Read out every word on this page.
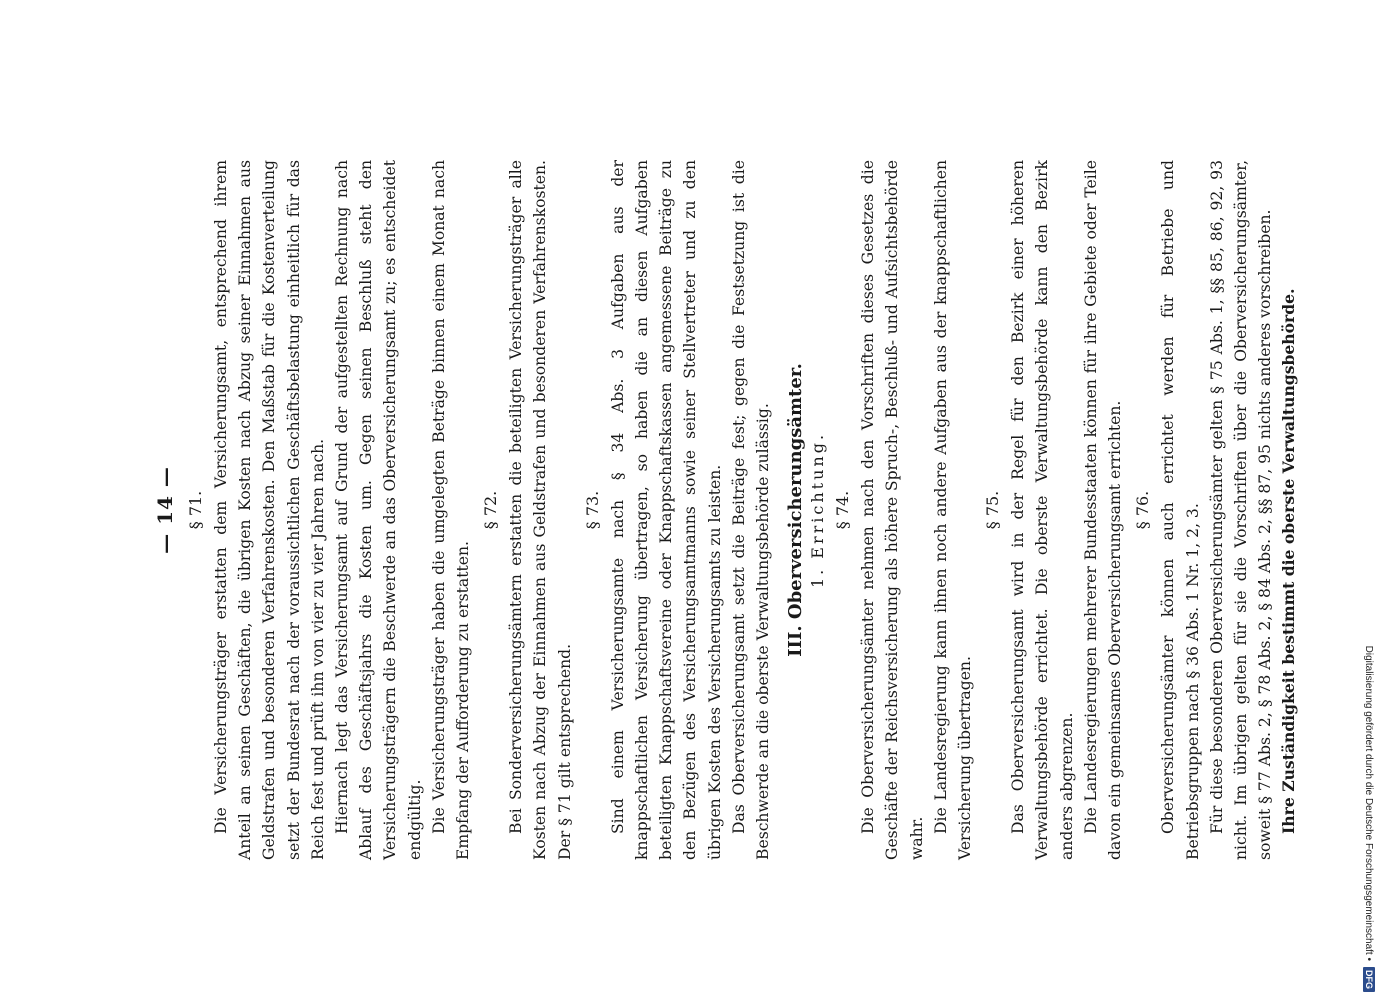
— 14 — § 71. Die Versicherungsträger erstatten dem Versicherungsamt, entsprechend ihrem Anteil an seinen Geschäften, die übrigen Kosten nach Abzug seiner Einnahmen aus Geldstrafen und besonderen Verfahrenskosten. Den Maßstab für die Kostenverteilung setzt der Bundesrat nach der voraussichtlichen Geschäftsbelastung einheitlich für das Reich fest und prüft ihn von vier zu vier Jahren nach. Hiernach legt das Versicherungsamt auf Grund der aufgestellten Rechnung nach Ablauf des Geschäftsjahrs die Kosten um. Gegen seinen Beschluß steht den Versicherungsträgern die Beschwerde an das Oberversicherungsamt zu; es entscheidet endgültig. Die Versicherungsträger haben die umgelegten Beträge binnen einem Monat nach Empfang der Aufforderung zu erstatten.

§ 72. Bei Sonderversicherungsämtern erstatten die beteiligten Versicherungsträger alle Kosten nach Abzug der Einnahmen aus Geldstrafen und besonderen Verfahrenskosten. Der § 71 gilt entsprechend.

§ 73. Sind einem Versicherungsamte nach § 34 Abs. 3 Aufgaben aus der knappschaftlichen Versicherung übertragen, so haben die an diesen Aufgaben beteiligten Knappschaftsvereine oder Knappschaftskassen angemessene Beiträge zu den Bezügen des Versicherungsamtmanns sowie seiner Stellvertreter und zu den übrigen Kosten des Versicherungsamts zu leisten. Das Oberversicherungsamt setzt die Beiträge fest; gegen die Festsetzung ist die Beschwerde an die oberste Verwaltungsbehörde zulässig. III. Oberversicherungsämter. 1. Errichtung. § 74. Die Oberversicherungsämter nehmen nach den Vorschriften dieses Gesetzes die Geschäfte der Reichsversicherung als höhere Spruch-, Beschluß- und Aufsichtsbehörde wahr.

Die Landesregierung kann ihnen noch andere Aufgaben aus der knappschaftlichen Versicherung übertragen.

§ 75. Das Oberversicherungsamt wird in der Regel für den Bezirk einer höheren Verwaltungsbehörde errichtet. Die oberste Verwaltungsbehörde kann den Bezirk anders abgrenzen. Die Landesregierungen mehrerer Bundesstaaten können für ihre Gebiete oder Teile davon ein gemeinsames Oberversicherungsamt errichten. § 76. Oberversicherungsämter können auch errichtet werden für Betriebe und Betriebsgruppen nach § 36 Abs. 1 Nr. 1, 2, 3. Für diese besonderen Oberversicherungsämter gelten § 75 Abs. 1, §§ 85, 86, 92, 93 nicht. Im übrigen gelten für sie die Vorschriften über die Oberversicherungsämter, soweit § 77 Abs. 2, § 78 Abs. 2, § 84 Abs. 2, §§ 87, 95 nichts anderes vorschreiben. Ihre Zuständigkeit bestimmt die oberste Verwaltungsbehörde.	Digitalisierung gefördert durch die Deutsche Forschungsgemeinschaft •
DFG
